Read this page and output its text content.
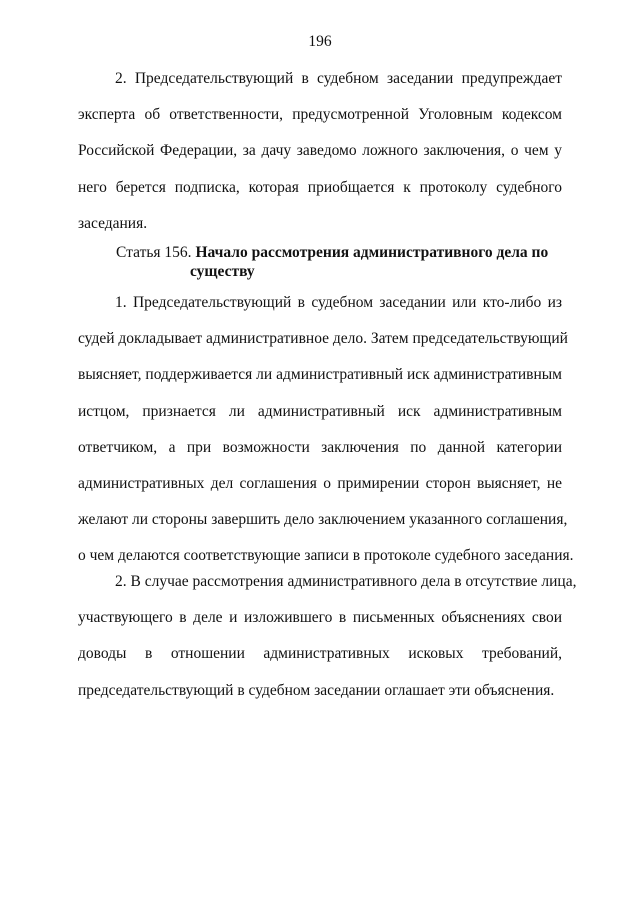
196
2. Председательствующий в судебном заседании предупреждает
эксперта об ответственности, предусмотренной Уголовным кодексом
Российской Федерации, за дачу заведомо ложного заключения, о чем у
него берется подписка, которая приобщается к протоколу судебного
заседания.
Статья 156. Начало рассмотрения административного дела по
существу
1. Председательствующий в судебном заседании или кто-либо из
судей докладывает административное дело. Затем председательствующий
выясняет, поддерживается ли административный иск административным
истцом, признается ли административный иск административным
ответчиком, а при возможности заключения по данной категории
административных дел соглашения о примирении сторон выясняет, не
желают ли стороны завершить дело заключением указанного соглашения,
о чем делаются соответствующие записи в протоколе судебного заседания.
2. В случае рассмотрения административного дела в отсутствие лица,
участвующего в деле и изложившего в письменных объяснениях свои
доводы в отношении административных исковых требований,
председательствующий в судебном заседании оглашает эти объяснения.
